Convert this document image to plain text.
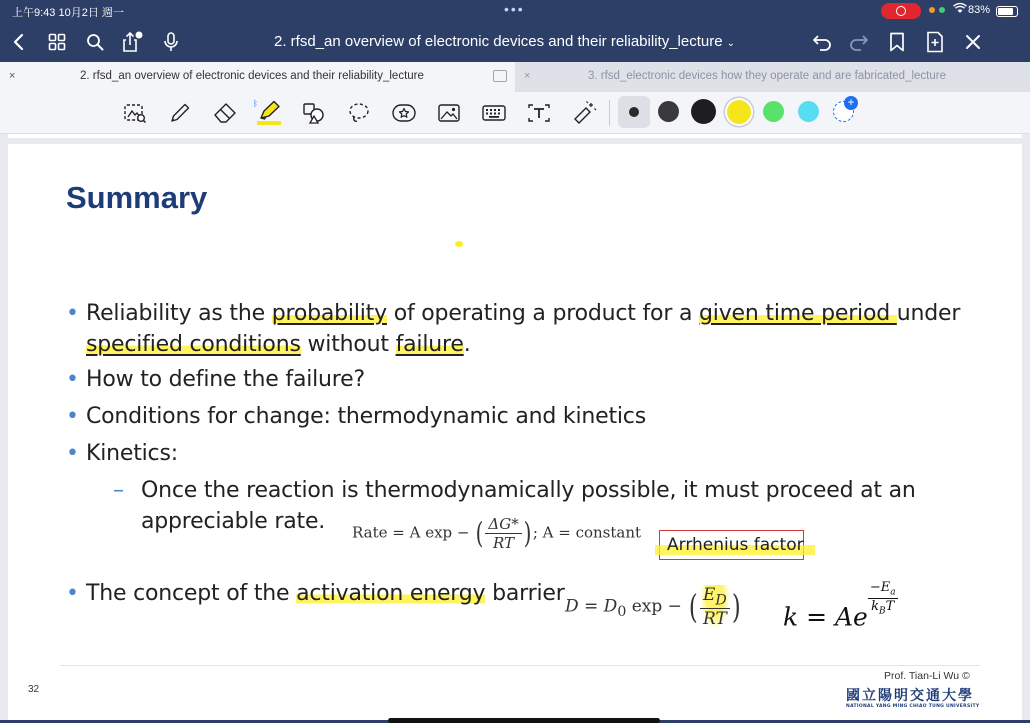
上午9:43 10月2日 週一	•••	83%
2. rfsd_an overview of electronic devices and their reliability_lecture ⌄
×	2. rfsd_an overview of electronic devices and their reliability_lecture	×	3. rfsd_electronic devices how they operate and are fabricated_lecture
ᛒ	+
Summary
• Reliability as the probability of operating a product for a given time period under
specified conditions without failure.
• How to define the failure?
• Conditions for change: thermodynamic and kinetics
• Kinetics:
– Once the reaction is thermodynamically possible, it must proceed at an
appreciable rate. Rate = A exp − ( $\frac{\Delta G*}{RT}$ ) ; A = constant
Arrhenius factor
• The concept of the activation energy barrier
$D = D_0$ exp − ( $\frac{E_D}{RT}$ ) k = Ae
$-E_a$
$k_BT$
32
Prof. Tian-Li Wu ©
國立陽明交通大學
NATIONAL YANG MING CHIAO TUNG UNIVERSITY
